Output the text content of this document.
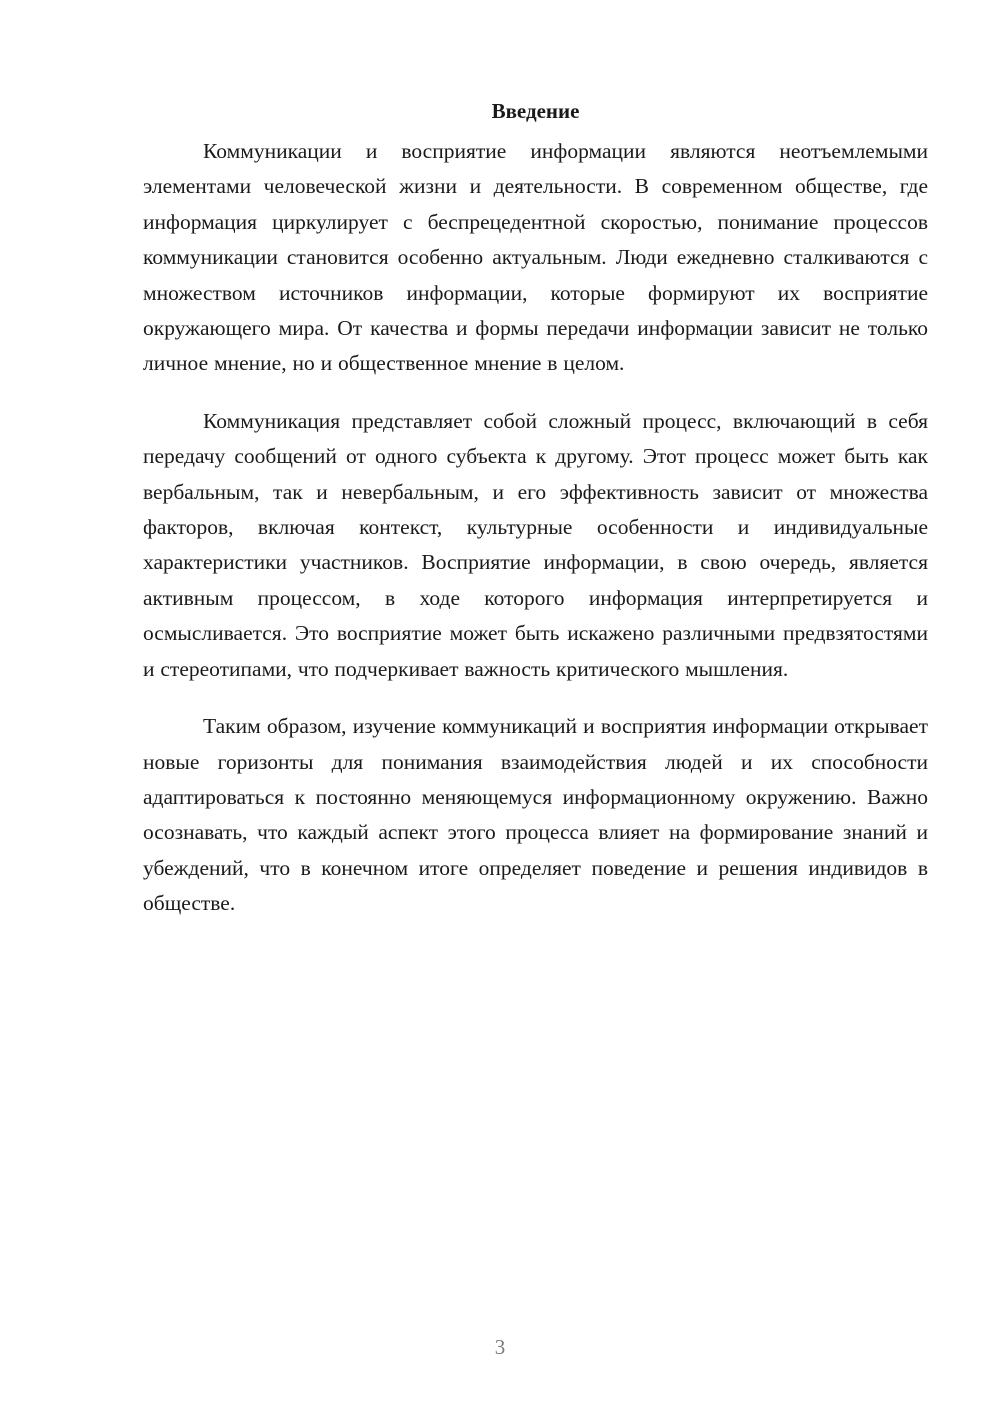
Введение

Коммуникации и восприятие информации являются неотъемлемыми элементами человеческой жизни и деятельности. В современном обществе, где информация циркулирует с беспрецедентной скоростью, понимание процессов коммуникации становится особенно актуальным. Люди ежедневно сталкиваются с множеством источников информации, которые формируют их восприятие окружающего мира. От качества и формы передачи информации зависит не только личное мнение, но и общественное мнение в целом.

Коммуникация представляет собой сложный процесс, включающий в себя передачу сообщений от одного субъекта к другому. Этот процесс может быть как вербальным, так и невербальным, и его эффективность зависит от множества факторов, включая контекст, культурные особенности и индивидуальные характеристики участников. Восприятие информации, в свою очередь, является активным процессом, в ходе которого информация интерпретируется и осмысливается. Это восприятие может быть искажено различными предвзятостями и стереотипами, что подчеркивает важность критического мышления.

Таким образом, изучение коммуникаций и восприятия информации открывает новые горизонты для понимания взаимодействия людей и их способности адаптироваться к постоянно меняющемуся информационному окружению. Важно осознавать, что каждый аспект этого процесса влияет на формирование знаний и убеждений, что в конечном итоге определяет поведение и решения индивидов в обществе.

3
